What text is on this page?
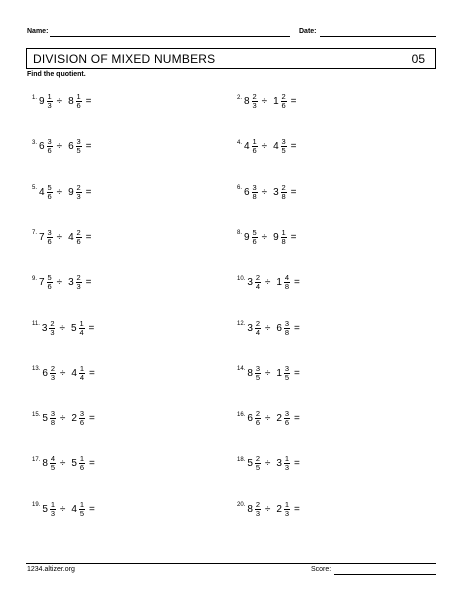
Name:	Date:
DIVISION OF MIXED NUMBERS	05
Find the quotient.
1. $9 \frac{1}{3} \div 8 \frac{1}{6}$ =	2. $8 \frac{2}{3} \div 1 \frac{2}{6}$ =
3. $6 \frac{3}{6} \div 6 \frac{3}{5}$ =	4. $4 \frac{1}{6} \div 4 \frac{3}{5}$ =
5. $4 \frac{5}{6} \div 9 \frac{2}{3}$ =	6. $6 \frac{3}{8} \div 3 \frac{2}{8}$ =
7. $7 \frac{3}{6} \div 4 \frac{2}{6}$ =	8. $9 \frac{5}{6} \div 9 \frac{1}{8}$ =
9. $7 \frac{5}{6} \div 3 \frac{2}{3}$ =	10. $3 \frac{2}{4} \div 1 \frac{4}{8}$ =
11. $3 \frac{2}{3} \div 5 \frac{1}{4}$ =	12. $3 \frac{2}{4} \div 6 \frac{3}{8}$ =
13. $6 \frac{2}{3} \div 4 \frac{1}{4}$ =	14. $8 \frac{3}{5} \div 1 \frac{3}{5}$ =
15. $5 \frac{3}{8} \div 2 \frac{3}{6}$ =	16. $6 \frac{2}{6} \div 2 \frac{3}{6}$ =
17. $8 \frac{4}{5} \div 5 \frac{1}{6}$ =	18. $5 \frac{2}{5} \div 3 \frac{1}{3}$ =
19. $5 \frac{1}{3} \div 4 \frac{1}{5}$ =	20. $8 \frac{2}{3} \div 2 \frac{1}{3}$ =
1234.altizer.org	Score:
